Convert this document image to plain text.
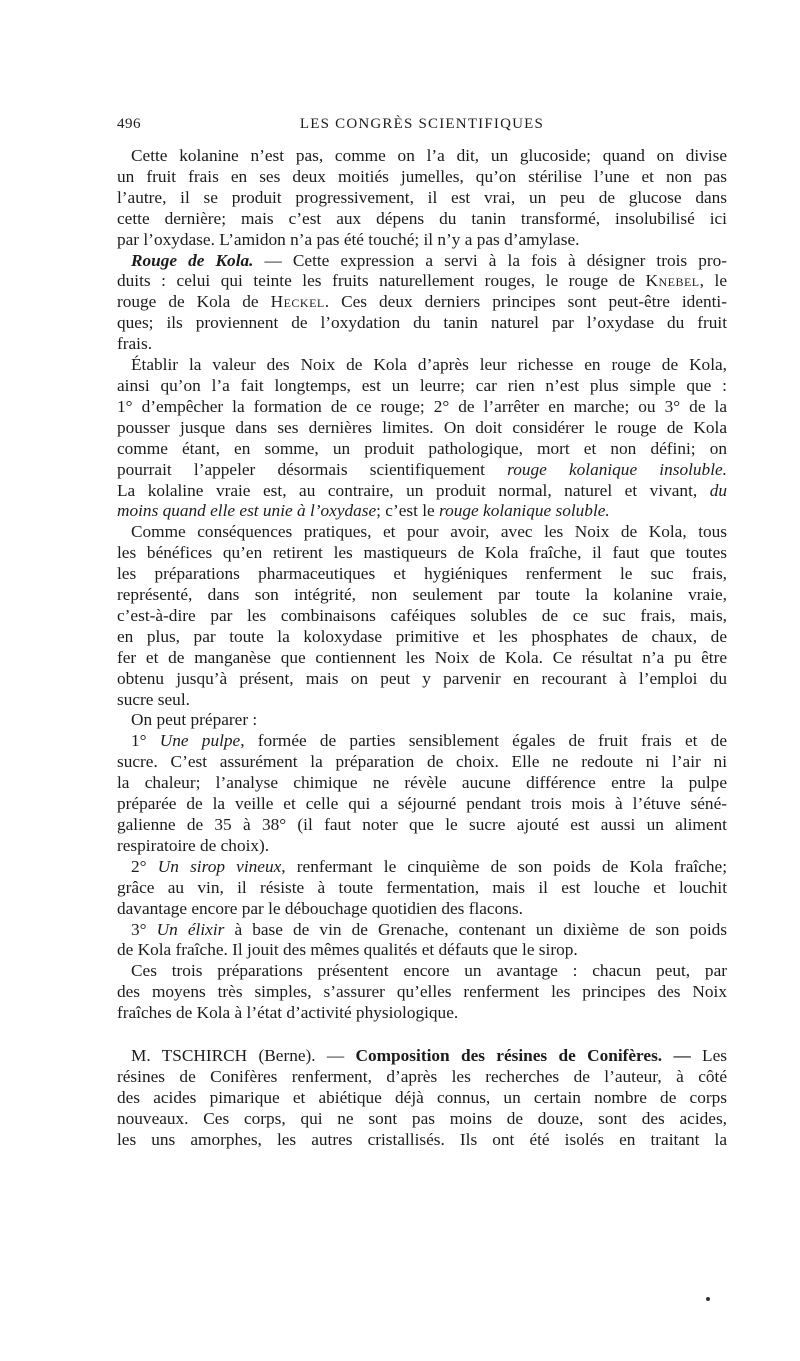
496	LES CONGRÈS SCIENTIFIQUES

Cette kolanine n’est pas, comme on l’a dit, un glucoside; quand on divise
un fruit frais en ses deux moitiés jumelles, qu’on stérilise l’une et non pas
l’autre, il se produit progressivement, il est vrai, un peu de glucose dans
cette dernière; mais c’est aux dépens du tanin transformé, insolubilisé ici
par l’oxydase. L’amidon n’a pas été touché; il n’y a pas d’amylase.

Rouge de Kola. — Cette expression a servi à la fois à désigner trois pro-
duits : celui qui teinte les fruits naturellement rouges, le rouge de Knebel, le
rouge de Kola de Heckel. Ces deux derniers principes sont peut-être identi-
ques; ils proviennent de l’oxydation du tanin naturel par l’oxydase du fruit
frais.

Établir la valeur des Noix de Kola d’après leur richesse en rouge de Kola,
ainsi qu’on l’a fait longtemps, est un leurre; car rien n’est plus simple que :
1° d’empêcher la formation de ce rouge; 2° de l’arrêter en marche; ou 3° de la
pousser jusque dans ses dernières limites. On doit considérer le rouge de Kola
comme étant, en somme, un produit pathologique, mort et non défini; on
pourrait l’appeler désormais scientifiquement rouge kolanique insoluble.
La kolaline vraie est, au contraire, un produit normal, naturel et vivant, du
moins quand elle est unie à l’oxydase; c’est le rouge kolanique soluble.

Comme conséquences pratiques, et pour avoir, avec les Noix de Kola, tous
les bénéfices qu’en retirent les mastiqueurs de Kola fraîche, il faut que toutes
les préparations pharmaceutiques et hygiéniques renferment le suc frais,
représenté, dans son intégrité, non seulement par toute la kolanine vraie,
c’est-à-dire par les combinaisons caféiques solubles de ce suc frais, mais,
en plus, par toute la koloxydase primitive et les phosphates de chaux, de
fer et de manganèse que contiennent les Noix de Kola. Ce résultat n’a pu être
obtenu jusqu’à présent, mais on peut y parvenir en recourant à l’emploi du
sucre seul.

On peut préparer :

1° Une pulpe, formée de parties sensiblement égales de fruit frais et de
sucre. C’est assurément la préparation de choix. Elle ne redoute ni l’air ni
la chaleur; l’analyse chimique ne révèle aucune différence entre la pulpe
préparée de la veille et celle qui a séjourné pendant trois mois à l’étuve séné-
galienne de 35 à 38° (il faut noter que le sucre ajouté est aussi un aliment
respiratoire de choix).

2° Un sirop vineux, renfermant le cinquième de son poids de Kola fraîche;
grâce au vin, il résiste à toute fermentation, mais il est louche et louchit
davantage encore par le débouchage quotidien des flacons.

3° Un élixir à base de vin de Grenache, contenant un dixième de son poids
de Kola fraîche. Il jouit des mêmes qualités et défauts que le sirop.

Ces trois préparations présentent encore un avantage : chacun peut, par
des moyens très simples, s’assurer qu’elles renferment les principes des Noix
fraîches de Kola à l’état d’activité physiologique.

M. TSCHIRCH (Berne). — Composition des résines de Conifères. — Les
résines de Conifères renferment, d’après les recherches de l’auteur, à côté
des acides pimarique et abiétique déjà connus, un certain nombre de corps
nouveaux. Ces corps, qui ne sont pas moins de douze, sont des acides,
les uns amorphes, les autres cristallisés. Ils ont été isolés en traitant la
